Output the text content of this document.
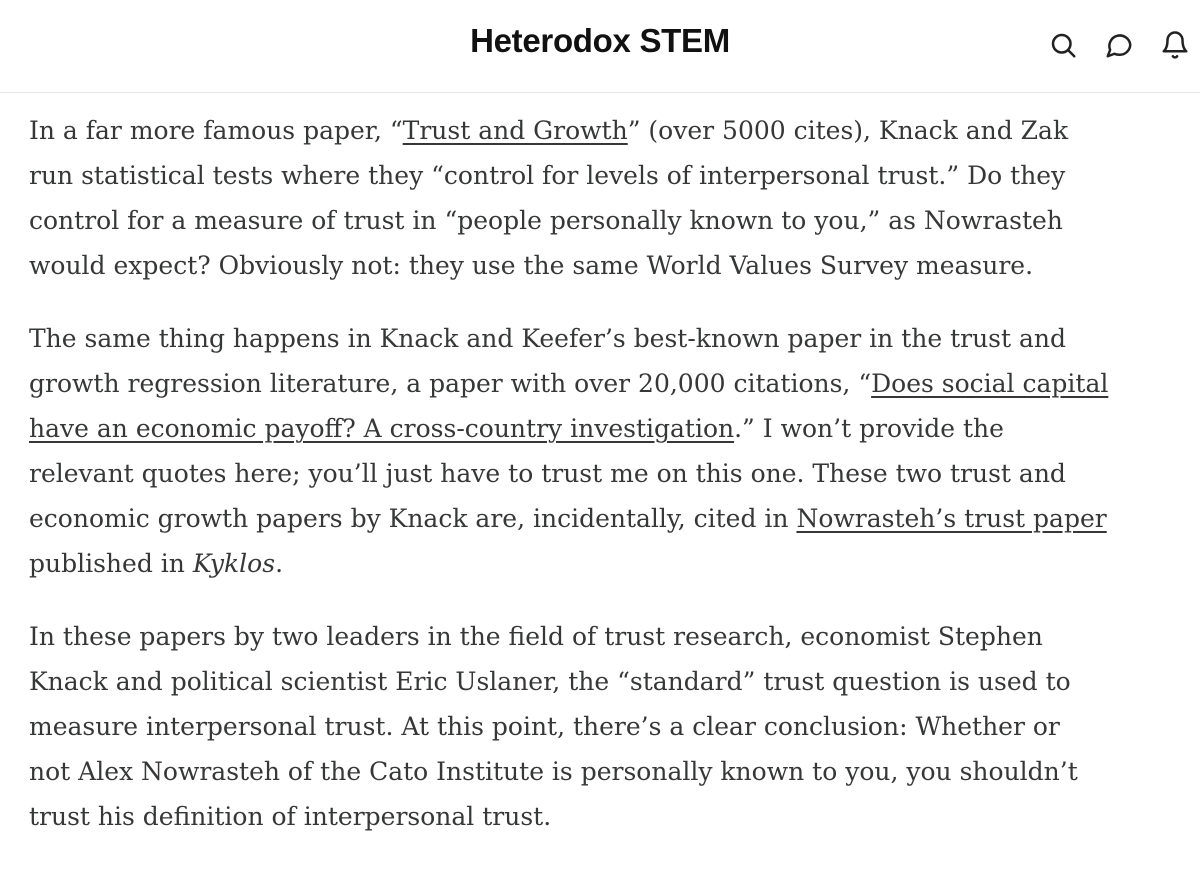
Heterodox STEM

In a far more famous paper, “Trust and Growth” (over 5000 cites), Knack and Zak run statistical tests where they “control for levels of interpersonal trust.” Do they control for a measure of trust in “people personally known to you,” as Nowrasteh would expect? Obviously not: they use the same World Values Survey measure.

The same thing happens in Knack and Keefer’s best-known paper in the trust and growth regression literature, a paper with over 20,000 citations, “Does social capital have an economic payoff? A cross-country investigation.” I won’t provide the relevant quotes here; you’ll just have to trust me on this one. These two trust and economic growth papers by Knack are, incidentally, cited in Nowrasteh’s trust paper published in Kyklos.

In these papers by two leaders in the field of trust research, economist Stephen Knack and political scientist Eric Uslaner, the “standard” trust question is used to measure interpersonal trust. At this point, there’s a clear conclusion: Whether or not Alex Nowrasteh of the Cato Institute is personally known to you, you shouldn’t trust his definition of interpersonal trust.
